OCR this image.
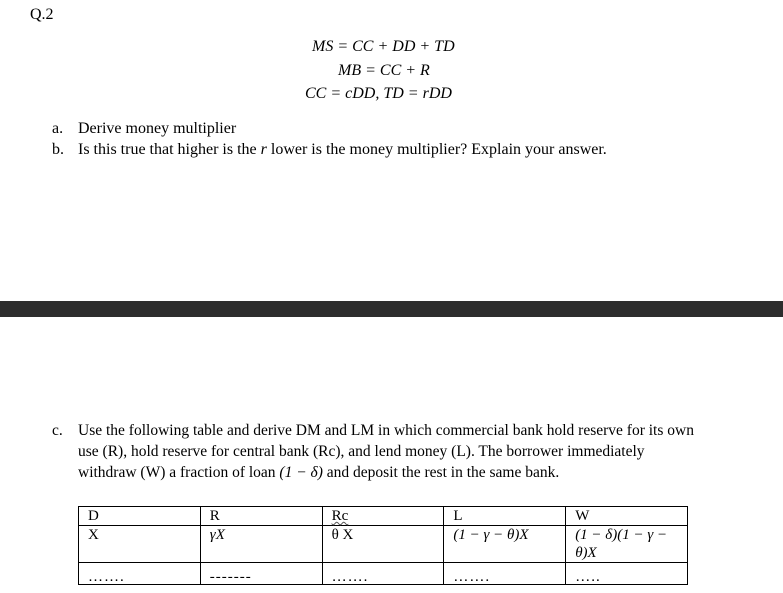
Q.2
MS = CC + DD + TD
MB = CC + R
CC = cDD, TD = rDD
a. Derive money multiplier
b. Is this true that higher is the r lower is the money multiplier? Explain your answer.
c. Use the following table and derive DM and LM in which commercial bank hold reserve for its own use (R), hold reserve for central bank (Rc), and lend money (L). The borrower immediately withdraw (W) a fraction of loan (1 − δ) and deposit the rest in the same bank.
D	R	Rc	L	W
X	γX	θ X	(1 − γ − θ)X	(1 − δ)(1 − γ − θ)X
…….	-------	…….	…….	…..
